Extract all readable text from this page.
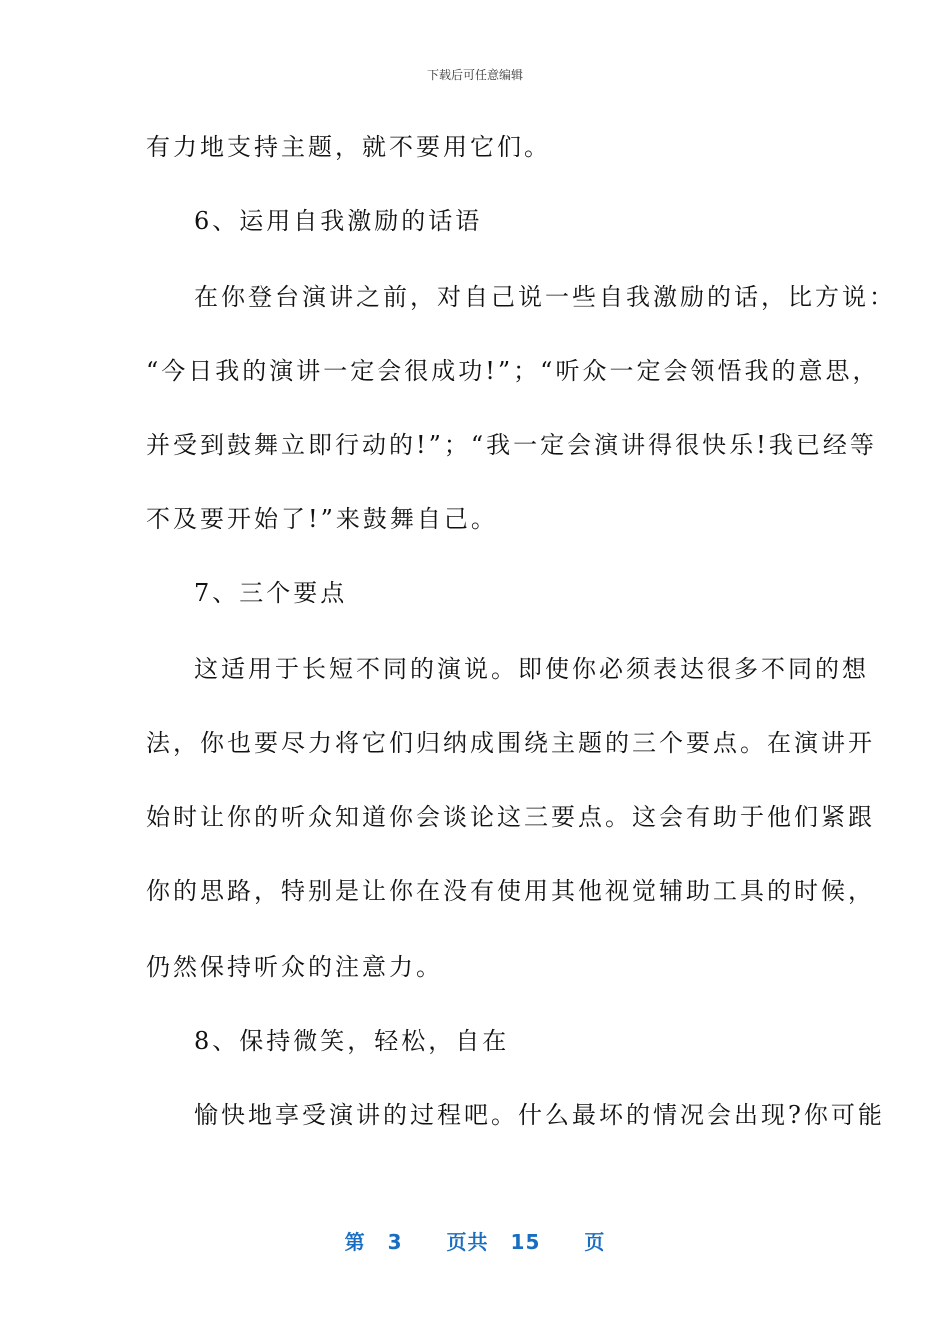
下载后可任意编辑
有力地支持主题，就不要用它们。
6、运用自我激励的话语
在你登台演讲之前，对自己说一些自我激励的话，比方说：
“今日我的演讲一定会很成功!”；“听众一定会领悟我的意思，
并受到鼓舞立即行动的!”；“我一定会演讲得很快乐!我已经等
不及要开始了!”来鼓舞自己。
7、三个要点
这适用于长短不同的演说。即使你必须表达很多不同的想
法，你也要尽力将它们归纳成围绕主题的三个要点。在演讲开
始时让你的听众知道你会谈论这三要点。这会有助于他们紧跟
你的思路，特别是让你在没有使用其他视觉辅助工具的时候，
仍然保持听众的注意力。
8、保持微笑，轻松，自在
愉快地享受演讲的过程吧。什么最坏的情况会出现?你可能
第 3 页共 15 页
